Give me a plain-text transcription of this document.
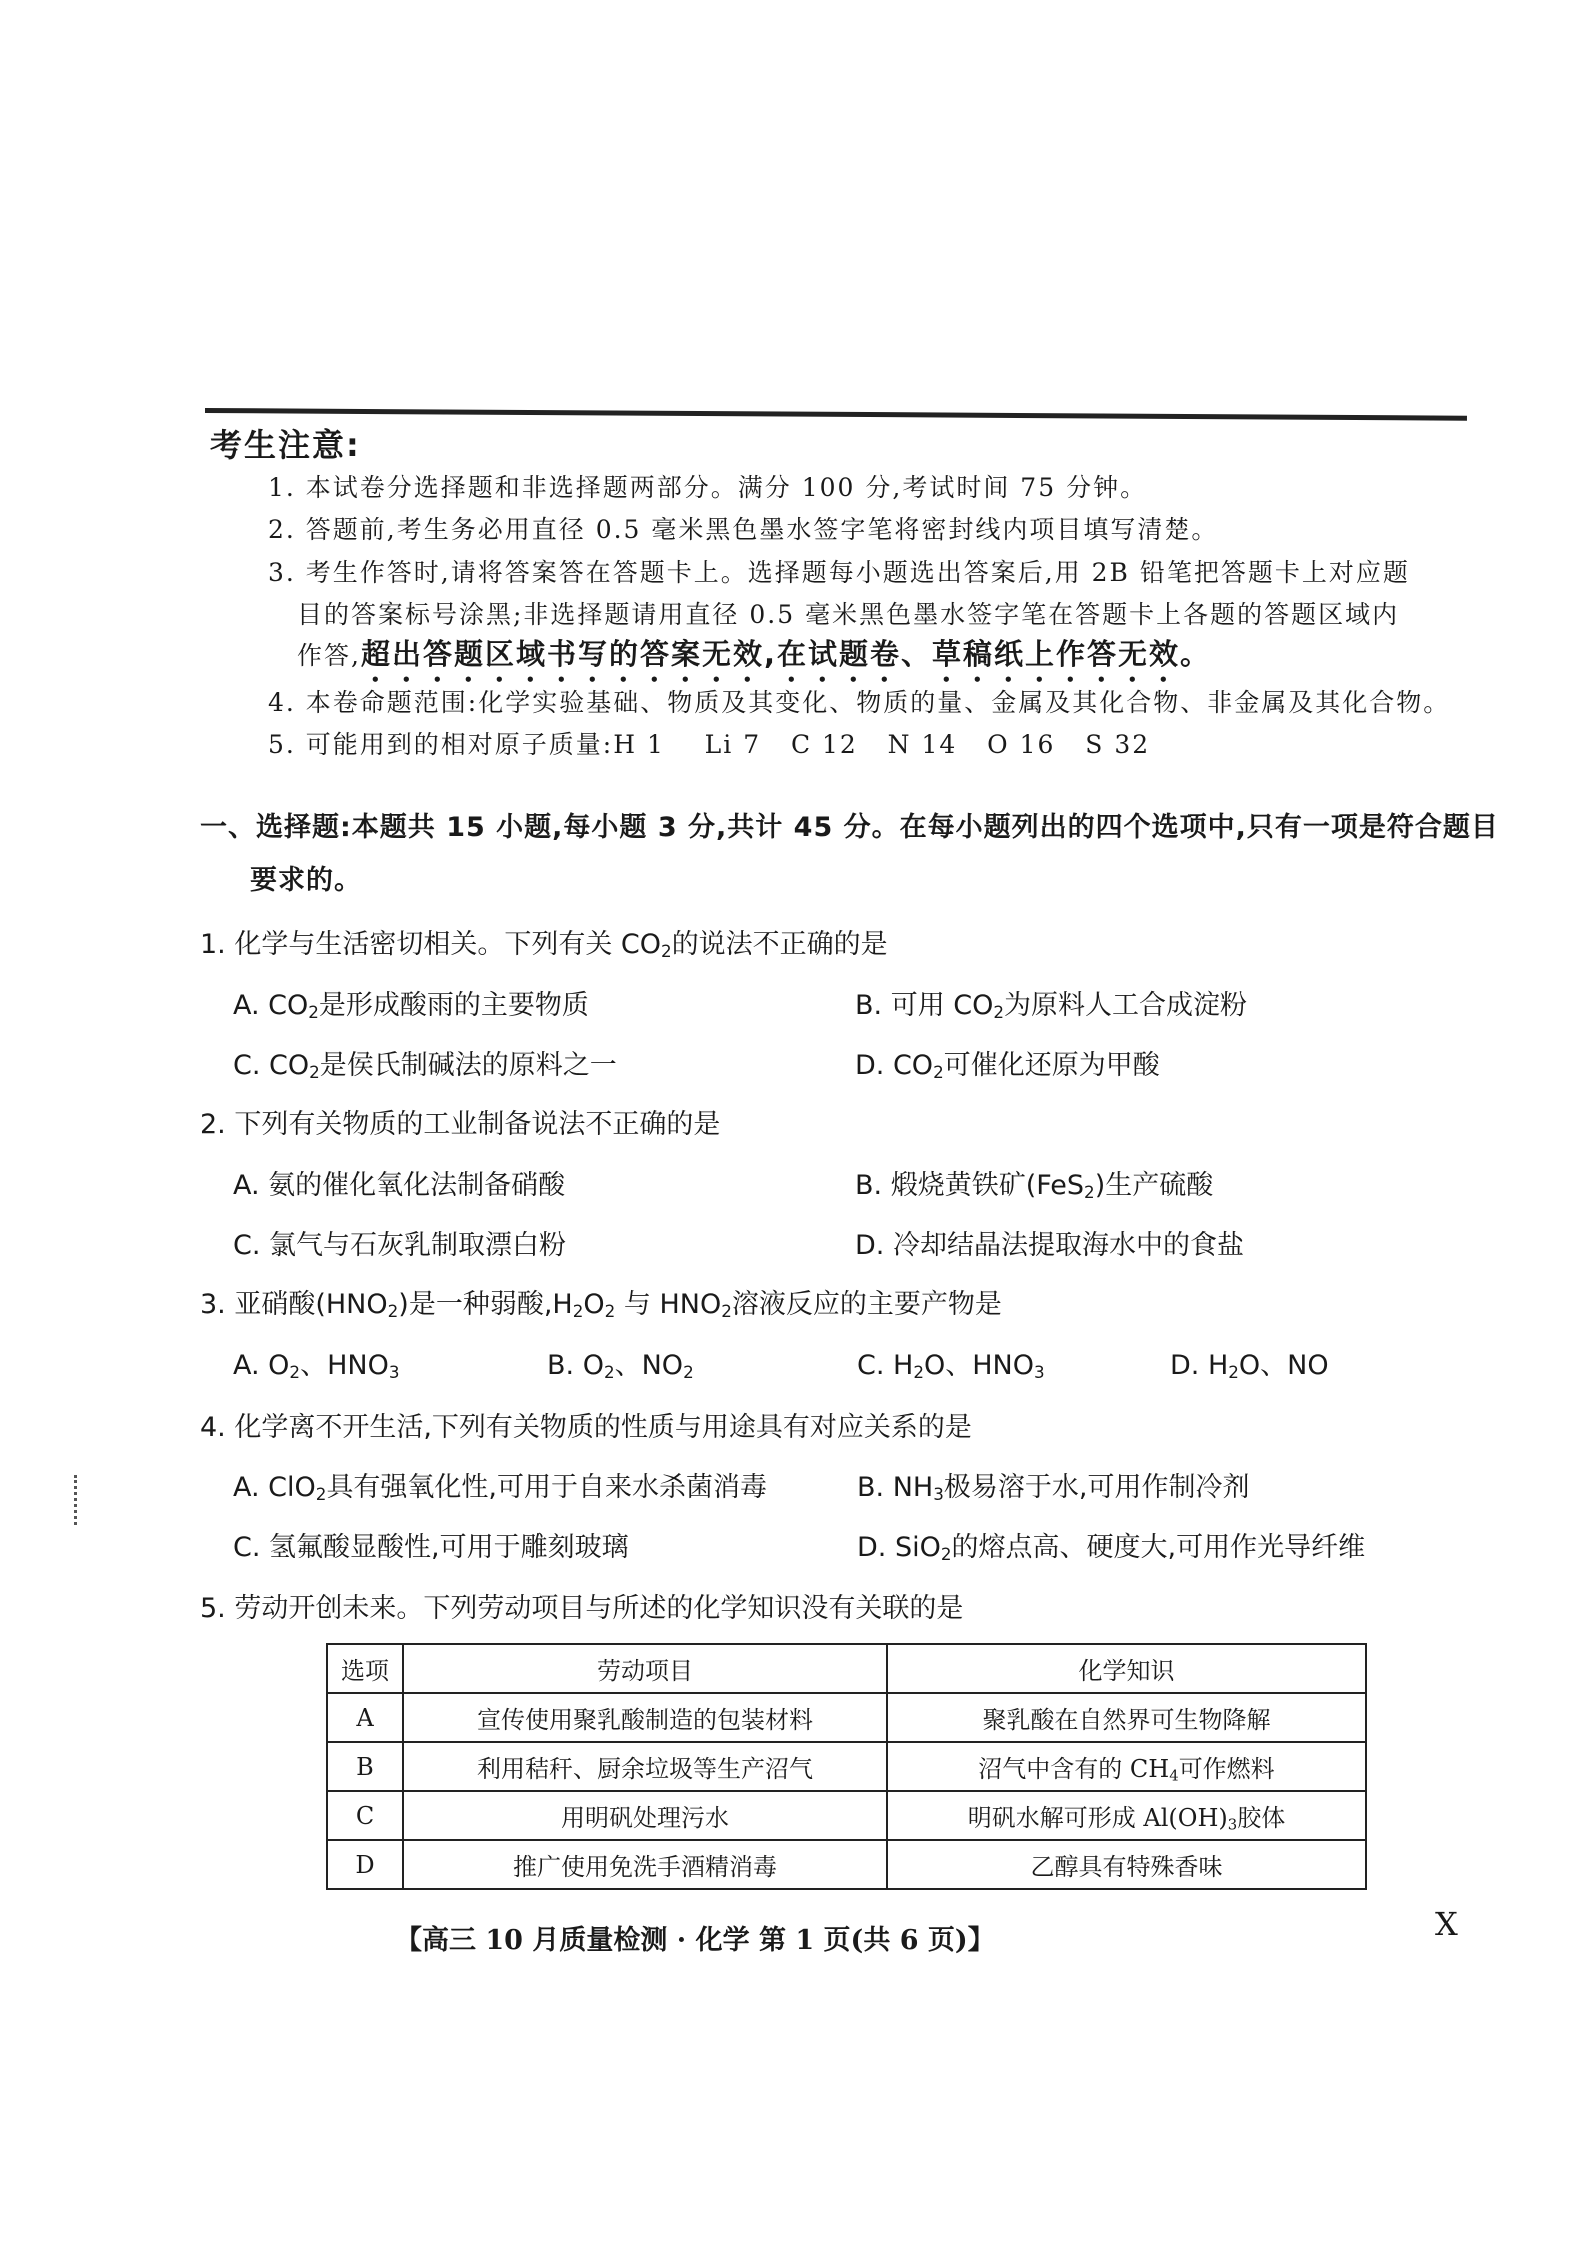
考生注意:
1. 本试卷分选择题和非选择题两部分。满分 100 分,考试时间 75 分钟。
2. 答题前,考生务必用直径 0.5 毫米黑色墨水签字笔将密封线内项目填写清楚。
3. 考生作答时,请将答案答在答题卡上。选择题每小题选出答案后,用 2B 铅笔把答题卡上对应题
目的答案标号涂黑;非选择题请用直径 0.5 毫米黑色墨水签字笔在答题卡上各题的答题区域内
作答,超出答题区域书写的答案无效,在试题卷、草稿纸上作答无效。
4. 本卷命题范围:化学实验基础、物质及其变化、物质的量、金属及其化合物、非金属及其化合物。
5. 可能用到的相对原子质量:H 1    Li 7   C 12   N 14   O 16   S 32
一、选择题:本题共 15 小题,每小题 3 分,共计 45 分。在每小题列出的四个选项中,只有一项是符合题目
要求的。
1. 化学与生活密切相关。下列有关 $CO_2$的说法不正确的是
A. $CO_2$是形成酸雨的主要物质	B. 可用 $CO_2$为原料人工合成淀粉
C. $CO_2$是侯氏制碱法的原料之一	D. $CO_2$可催化还原为甲酸
2. 下列有关物质的工业制备说法不正确的是
A. 氨的催化氧化法制备硝酸	B. 煅烧黄铁矿(FeS$_2$)生产硫酸
C. 氯气与石灰乳制取漂白粉	D. 冷却结晶法提取海水中的食盐
3. 亚硝酸$(HNO_2)$是一种弱酸$,H_2O_2$ 与 $HNO_2$溶液反应的主要产物是
A. $O_2$、$HNO_3$	B. $O_2$、$NO_2$	C. $H_2O$、$HNO_3$	D. $H_2O$、NO
4. 化学离不开生活,下列有关物质的性质与用途具有对应关系的是
A. ClO$_2$具有强氧化性,可用于自来水杀菌消毒	B. $NH_3$极易溶于水,可用作制冷剂
C. 氢氟酸显酸性,可用于雕刻玻璃	D. SiO$_2$的熔点高、硬度大,可用作光导纤维
5. 劳动开创未来。下列劳动项目与所述的化学知识没有关联的是
选项	劳动项目	化学知识
A	宣传使用聚乳酸制造的包装材料	聚乳酸在自然界可生物降解
B	利用秸秆、厨余垃圾等生产沼气	沼气中含有的 $CH_4$可作燃料
C	用明矾处理污水	明矾水解可形成 $Al(OH)_3$胶体
D	推广使用免洗手酒精消毒	乙醇具有特殊香味
【高三 10 月质量检测 · 化学 第 1 页(共 6 页)】	X
